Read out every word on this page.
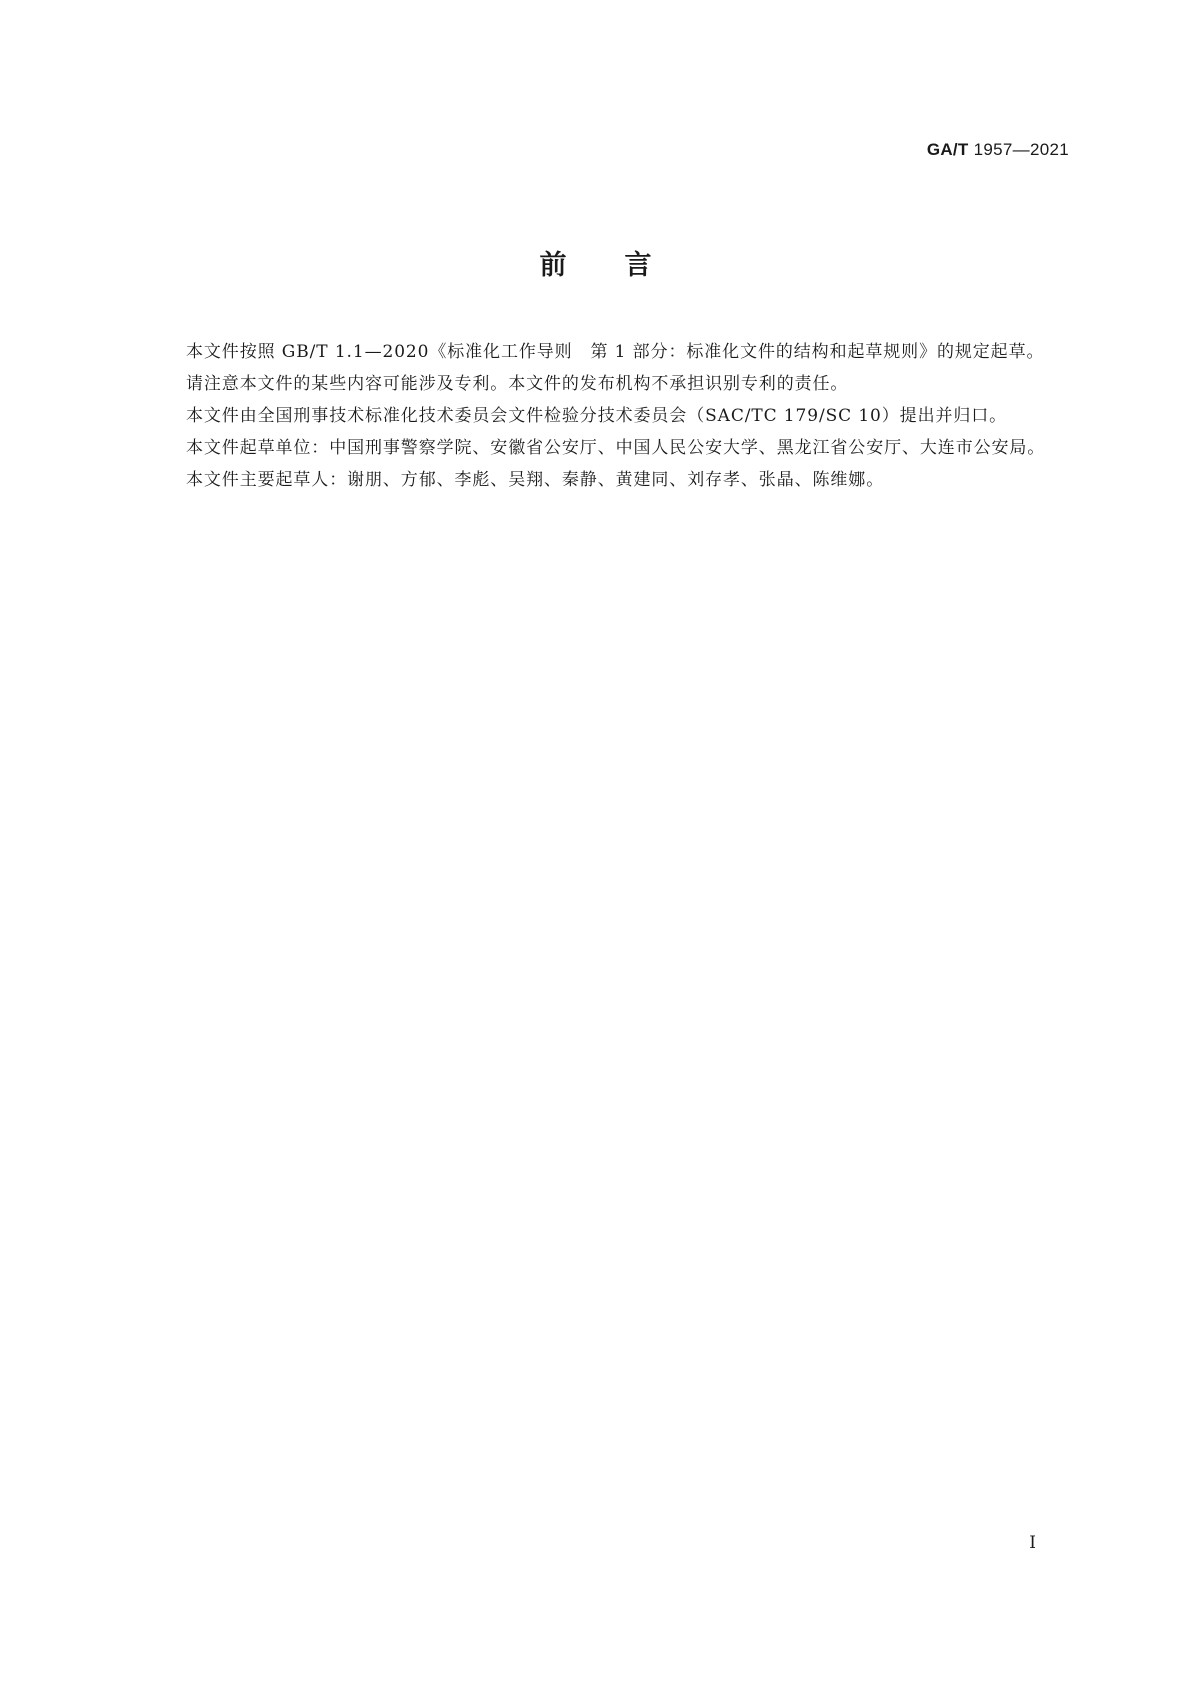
GA/T 1957—2021
前言

本文件按照 GB/T 1.1—2020《标准化工作导则　第 1 部分：标准化文件的结构和起草规则》的规定起草。

请注意本文件的某些内容可能涉及专利。本文件的发布机构不承担识别专利的责任。

本文件由全国刑事技术标准化技术委员会文件检验分技术委员会（SAC/TC 179/SC 10）提出并归口。

本文件起草单位：中国刑事警察学院、安徽省公安厅、中国人民公安大学、黑龙江省公安厅、大连市公安局。

本文件主要起草人：谢朋、方郁、李彪、吴翔、秦静、黄建同、刘存孝、张晶、陈维娜。

I
